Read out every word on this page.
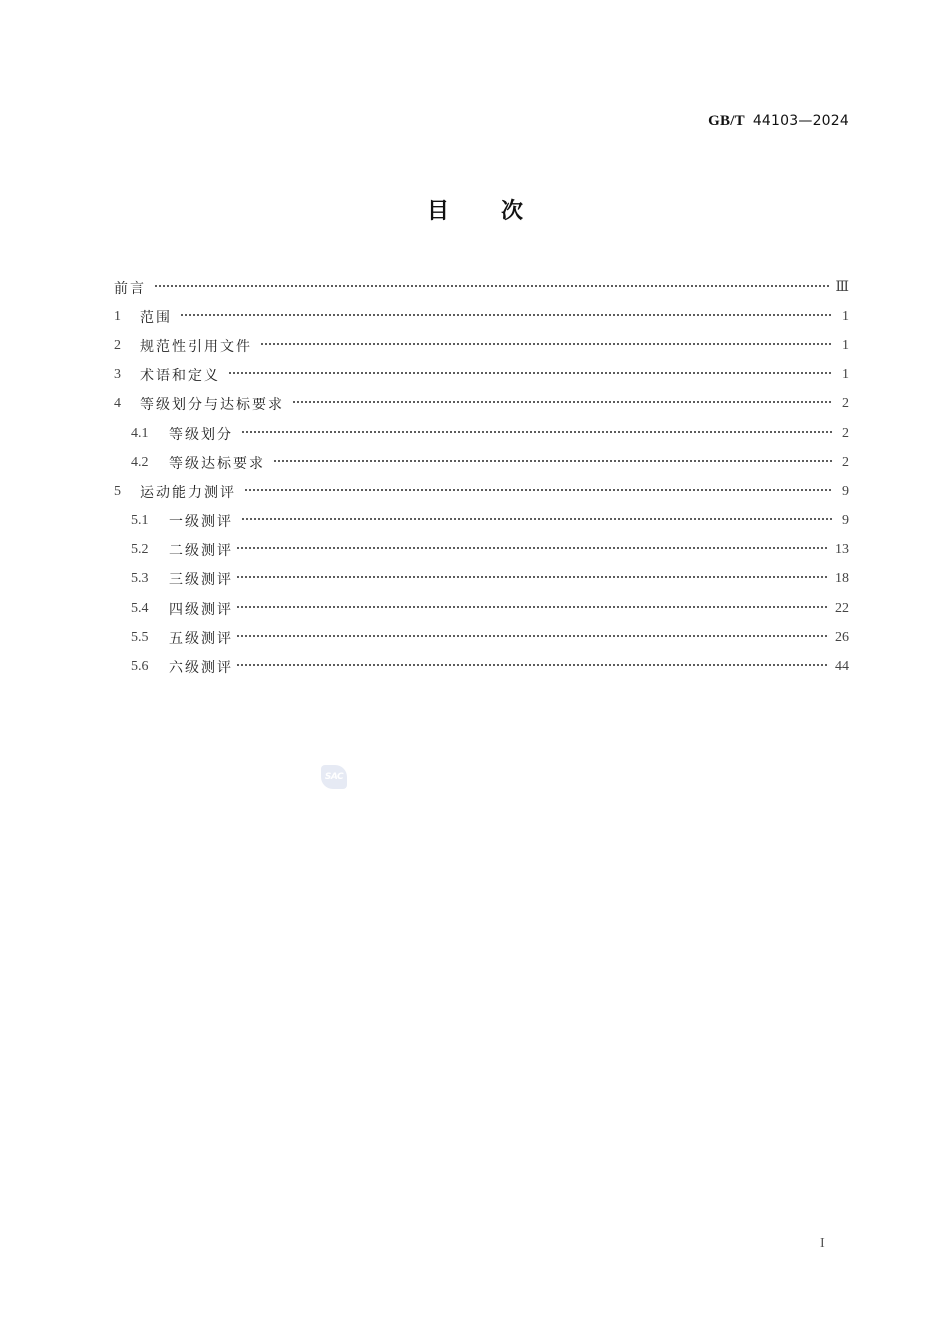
GB/T 44103—2024
目 次
前言	Ⅲ
1	范围	1
2	规范性引用文件	1
3	术语和定义	1
4	等级划分与达标要求	2
4.1	等级划分	2
4.2	等级达标要求	2
5	运动能力测评	9
5.1	一级测评	9
5.2	二级测评	13
5.3	三级测评	18
5.4	四级测评	22
5.5	五级测评	26
5.6	六级测评	44
SAC
I
